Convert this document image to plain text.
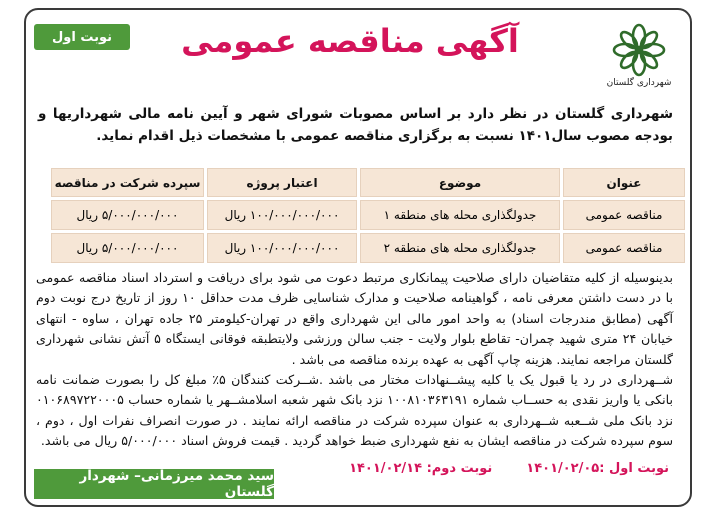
آگهی مناقصه عمومی
نوبت اول
شهرداری گلستان
شهرداری گلستان در نظر دارد بر اساس مصوبات شورای شهر و آیین نامه مالی شهرداریها و بودجه مصوب سال۱۴۰۱ نسبت به برگزاری مناقصه عمومی با مشخصات ذیل اقدام نماید.
عنوان	موضوع	اعتبار پروژه	سپرده شرکت در مناقصه
مناقصه عمومی	جدولگذاری محله های منطقه ۱	۱۰۰/۰۰۰/۰۰۰/۰۰۰ ریال	۵/۰۰۰/۰۰۰/۰۰۰ ریال
مناقصه عمومی	جدولگذاری محله های منطقه ۲	۱۰۰/۰۰۰/۰۰۰/۰۰۰ ریال	۵/۰۰۰/۰۰۰/۰۰۰ ریال
بدینوسیله از کلیه متقاضیان دارای صلاحیت پیمانکاری مرتبط دعوت می شود برای دریافت و استرداد اسناد مناقصه عمومی با در دست داشتن معرفی نامه ، گواهینامه صلاحیت و مدارک شناسایی ظرف مدت حداقل ۱۰ روز از تاریخ درج نوبت دوم آگهی (مطابق مندرجات اسناد) به واحد امور مالی این شهرداری واقع در تهران-کیلومتر ۲۵ جاده تهران ، ساوه - انتهای خیابان ۲۴ متری شهید چمران- تقاطع بلوار ولایت - جنب سالن ورزشی ولایتطبقه فوقانی ایستگاه ۵ آتش نشانی شهرداری گلستان مراجعه نمایند. هزینه چاپ آگهی به عهده برنده مناقصه می باشد .
شــهرداری در رد یا قبول یک یا کلیه پیشــنهادات مختار می باشد .شــرکت کنندگان ۵٪ مبلغ کل را بصورت ضمانت نامه بانکی یا واریز نقدی به حســاب شماره ۱۰۰۸۱۰۳۶۳۱۹۱ نزد بانک شهر شعبه اسلامشــهر یا شماره حساب ۰۱۰۶۸۹۷۲۲۰۰۰۵ نزد بانک ملی شــعبه شــهرداری به عنوان سپرده شرکت در مناقصه ارائه نمایند . در صورت انصراف نفرات اول ، دوم ، سوم سپرده شرکت در مناقصه ایشان به نفع شهرداری ضبط خواهد گردید . قیمت فروش اسناد ۵/۰۰۰/۰۰۰ ریال می باشد.
نوبت اول :۱۴۰۱/۰۲/۰۵
نوبت دوم: ۱۴۰۱/۰۲/۱۴
سید محمد میرزمانی– شهردار گلستان
